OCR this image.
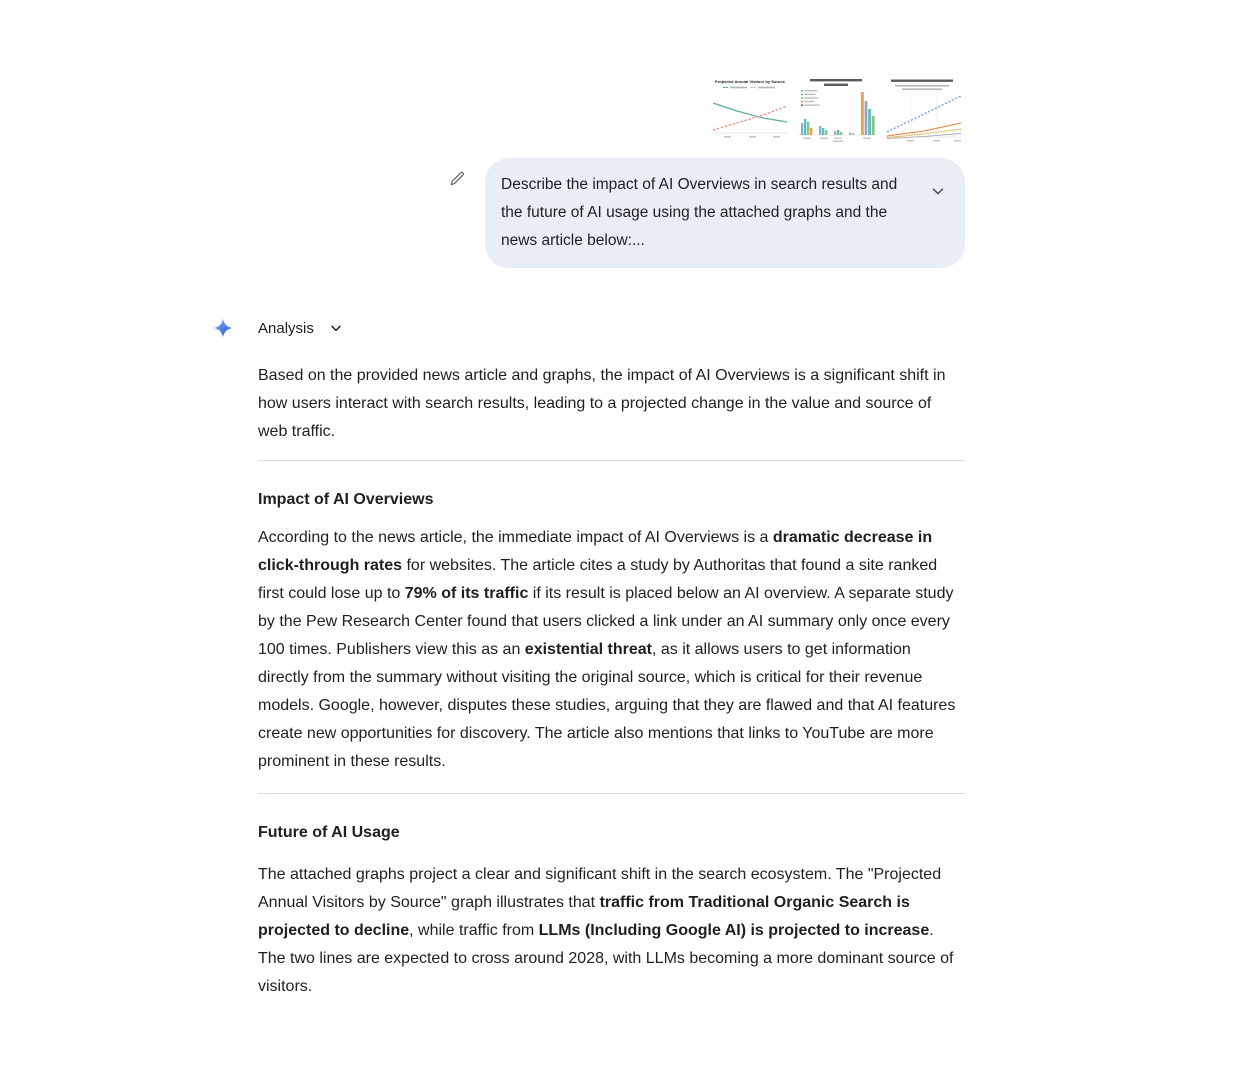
Projected Annual Visitors by Source
Describe the impact of AI Overviews in search results and the future of AI usage using the attached graphs and the news article below:...
Analysis

Based on the provided news article and graphs, the impact of AI Overviews is a significant shift in how users interact with search results, leading to a projected change in the value and source of web traffic.

Impact of AI Overviews

According to the news article, the immediate impact of AI Overviews is a dramatic decrease in click-through rates for websites. The article cites a study by Authoritas that found a site ranked first could lose up to 79% of its traffic if its result is placed below an AI overview. A separate study by the Pew Research Center found that users clicked a link under an AI summary only once every 100 times. Publishers view this as an existential threat, as it allows users to get information directly from the summary without visiting the original source, which is critical for their revenue models. Google, however, disputes these studies, arguing that they are flawed and that AI features create new opportunities for discovery. The article also mentions that links to YouTube are more prominent in these results.

Future of AI Usage

The attached graphs project a clear and significant shift in the search ecosystem. The "Projected Annual Visitors by Source" graph illustrates that traffic from Traditional Organic Search is projected to decline, while traffic from LLMs (Including Google AI) is projected to increase. The two lines are expected to cross around 2028, with LLMs becoming a more dominant source of visitors.
